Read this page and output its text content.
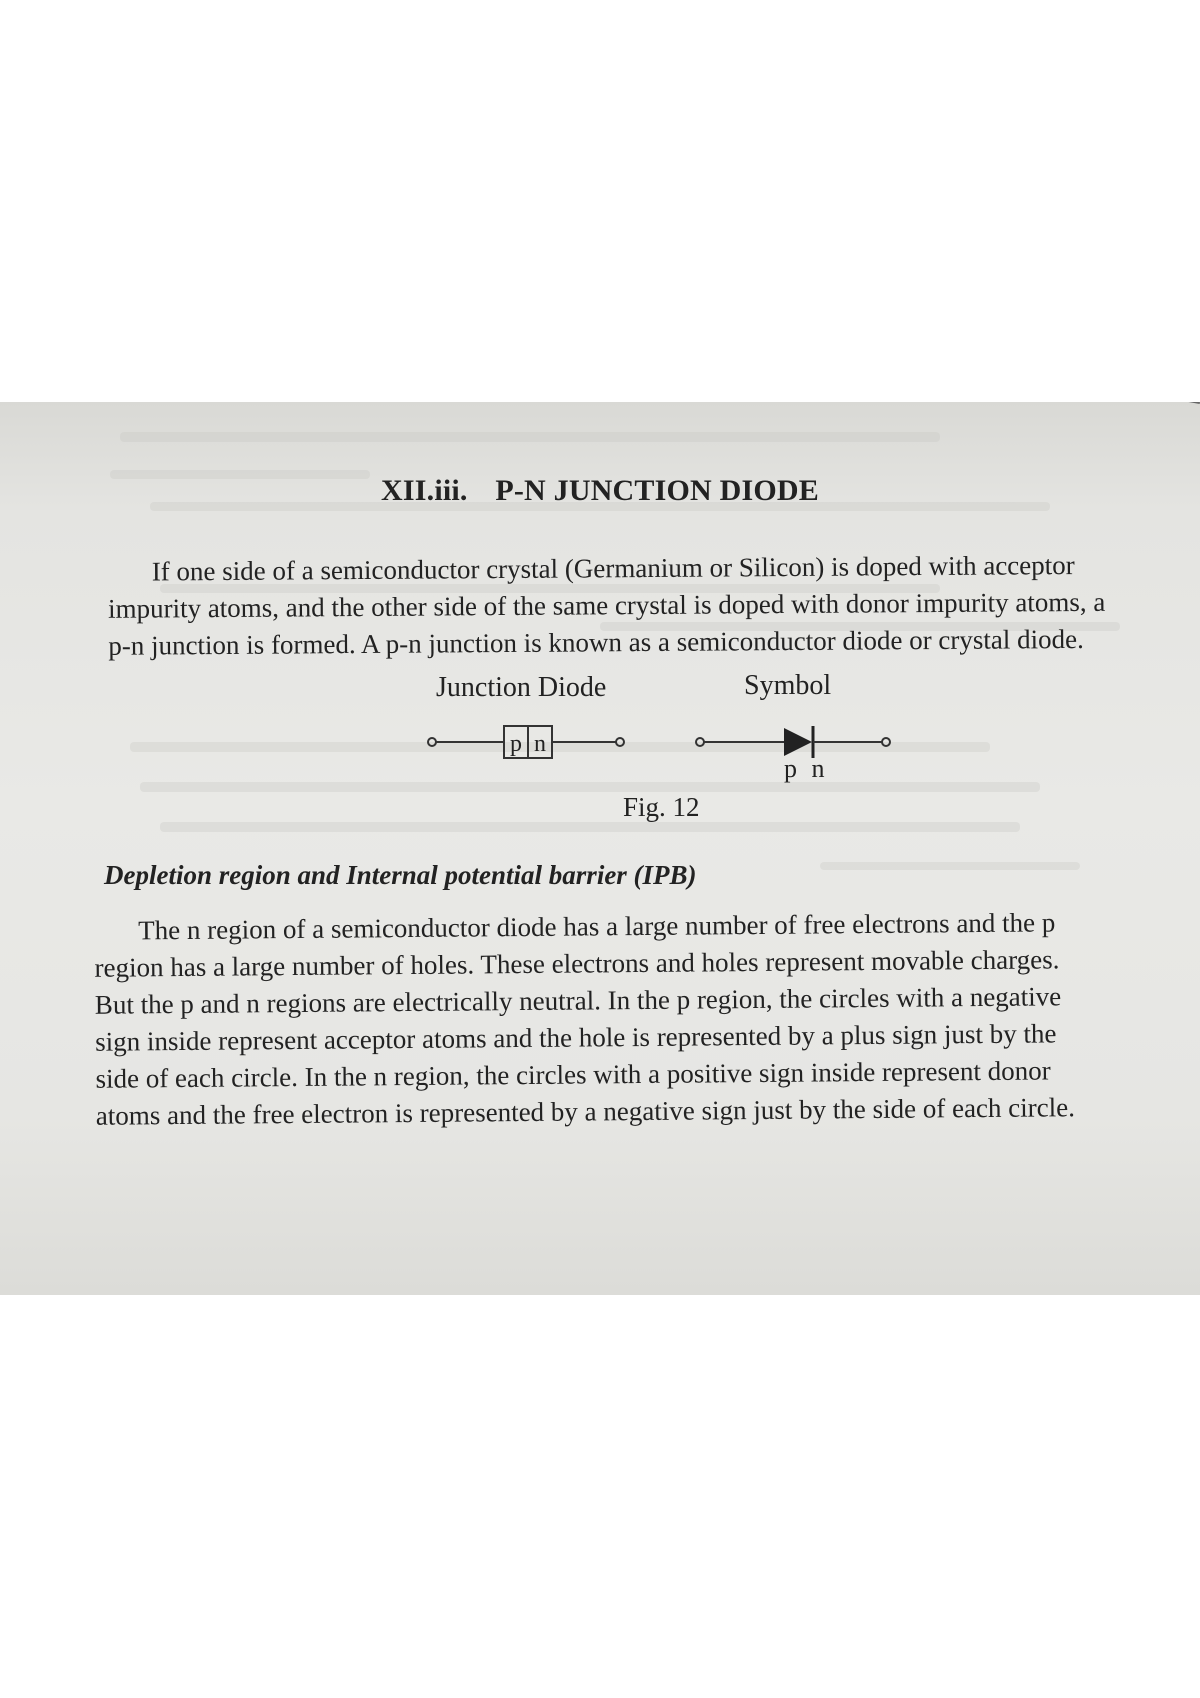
XII.iii. P-N JUNCTION DIODE

If one side of a semiconductor crystal (Germanium or Silicon) is doped with acceptor

impurity atoms, and the other side of the same crystal is doped with donor impurity atoms, a

p-n junction is formed. A p-n junction is known as a semiconductor diode or crystal diode.

Junction Diode	Symbol
p n
p n
Fig. 12
Depletion region and Internal potential barrier (IPB)

The n region of a semiconductor diode has a large number of free electrons and the p

region has a large number of holes. These electrons and holes represent movable charges.

But the p and n regions are electrically neutral. In the p region, the circles with a negative

sign inside represent acceptor atoms and the hole is represented by a plus sign just by the

side of each circle. In the n region, the circles with a positive sign inside represent donor

atoms and the free electron is represented by a negative sign just by the side of each circle.
